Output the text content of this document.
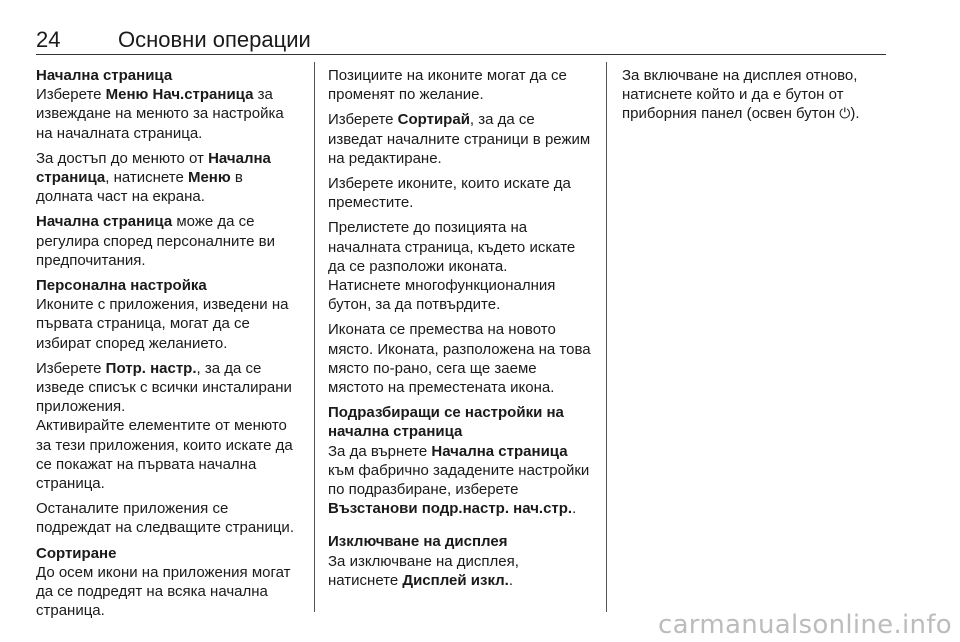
24	Основни операции
Начална страница

Изберете Меню Нач.страница за извеждане на менюто за настройка на началната страница.

За достъп до менюто от Начална страница, натиснете Меню в долната част на екрана.

Начална страница може да се регулира според персоналните ви предпочитания.

Персонална настройка

Иконите с приложения, изведени на първата страница, могат да се избират според желанието.

Изберете Потр. настр., за да се изведе списък с всички инсталирани приложения.

Активирайте елементите от менюто за тези приложения, които искате да се покажат на първата начална страница.

Останалите приложения се подреждат на следващите страници.

Сортиране

До осем икони на приложения могат да се подредят на всяка начална страница.

Позициите на иконите могат да се променят по желание.

Изберете Сортирай, за да се изведат началните страници в режим на редактиране.

Изберете иконите, които искате да преместите.

Прелистете до позицията на началната страница, където искате да се разположи иконата.

Натиснете многофункционалния бутон, за да потвърдите.

Иконата се премества на новото място. Иконата, разположена на това място по-рано, сега ще заеме мястото на преместената икона.

Подразбиращи се настройки на начална страница

За да върнете Начална страница към фабрично зададените настройки по подразбиране, изберете Възстанови подр.настр. нач.стр..

Изключване на дисплея

За изключване на дисплея, натиснете Дисплей изкл..

За включване на дисплея отново, натиснете който и да е бутон от приборния панел (освен бутон ⏻).

carmanualsonline.info
